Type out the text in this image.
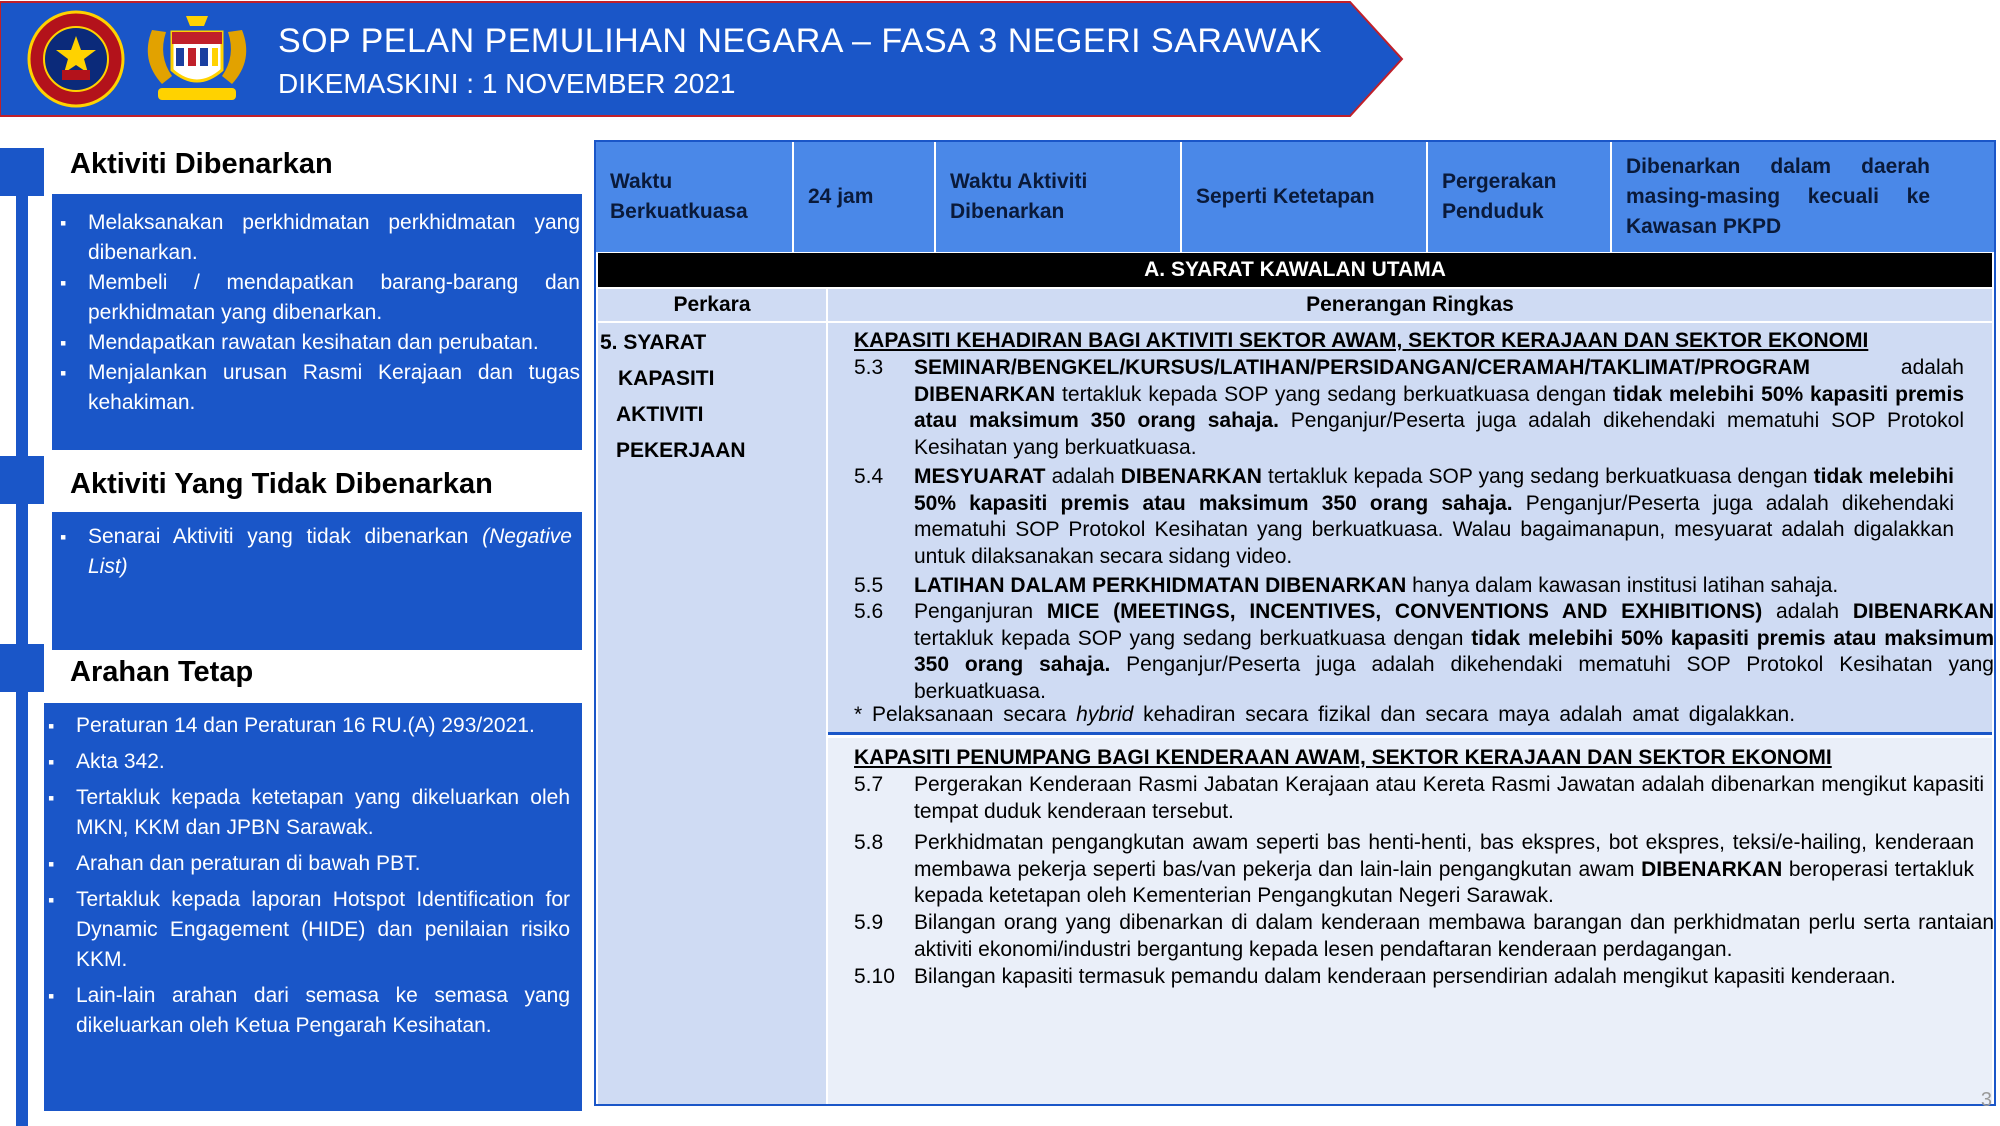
SOP PELAN PEMULIHAN NEGARA – FASA 3 NEGERI SARAWAK
DIKEMASKINI : 1 NOVEMBER 2021
Aktiviti Dibenarkan
▪ Melaksanakan perkhidmatan perkhidmatan yang dibenarkan.
▪ Membeli / mendapatkan barang-barang dan perkhidmatan yang dibenarkan.
▪ Mendapatkan rawatan kesihatan dan perubatan.
▪ Menjalankan urusan Rasmi Kerajaan dan tugas kehakiman.
Aktiviti Yang Tidak Dibenarkan
▪ Senarai Aktiviti yang tidak dibenarkan (Negative List)
Arahan Tetap
▪ Peraturan 14 dan Peraturan 16 RU.(A) 293/2021.
▪ Akta 342.
▪ Tertakluk kepada ketetapan yang dikeluarkan oleh MKN, KKM dan JPBN Sarawak.
▪ Arahan dan peraturan di bawah PBT.
▪ Tertakluk kepada laporan Hotspot Identification for Dynamic Engagement (HIDE) dan penilaian risiko KKM.
▪ Lain-lain arahan dari semasa ke semasa yang dikeluarkan oleh Ketua Pengarah Kesihatan.
Waktu Berkuatkuasa
24 jam
Waktu Aktiviti Dibenarkan
Seperti Ketetapan
Pergerakan Penduduk
Dibenarkan dalam daerah masing-masing kecuali ke Kawasan PKPD
A. SYARAT KAWALAN UTAMA
Perkara	Penerangan Ringkas
5. SYARAT
KAPASITI
AKTIVITI
PEKERJAAN
KAPASITI KEHADIRAN BAGI AKTIVITI SEKTOR AWAM, SEKTOR KERAJAAN DAN SEKTOR EKONOMI
5.3 SEMINAR/BENGKEL/KURSUS/LATIHAN/PERSIDANGAN/CERAMAH/TAKLIMAT/PROGRAM adalah DIBENARKAN tertakluk kepada SOP yang sedang berkuatkuasa dengan tidak melebihi 50% kapasiti premis atau maksimum 350 orang sahaja. Penganjur/Peserta juga adalah dikehendaki mematuhi SOP Protokol Kesihatan yang berkuatkuasa.
5.4 MESYUARAT adalah DIBENARKAN tertakluk kepada SOP yang sedang berkuatkuasa dengan tidak melebihi 50% kapasiti premis atau maksimum 350 orang sahaja. Penganjur/Peserta juga adalah dikehendaki mematuhi SOP Protokol Kesihatan yang berkuatkuasa. Walau bagaimanapun, mesyuarat adalah digalakkan untuk dilaksanakan secara sidang video.
5.5 LATIHAN DALAM PERKHIDMATAN DIBENARKAN hanya dalam kawasan institusi latihan sahaja.
5.6 Penganjuran MICE (MEETINGS, INCENTIVES, CONVENTIONS AND EXHIBITIONS) adalah DIBENARKAN tertakluk kepada SOP yang sedang berkuatkuasa dengan tidak melebihi 50% kapasiti premis atau maksimum 350 orang sahaja. Penganjur/Peserta juga adalah dikehendaki mematuhi SOP Protokol Kesihatan yang berkuatkuasa.
* Pelaksanaan secara hybrid kehadiran secara fizikal dan secara maya adalah amat digalakkan.
KAPASITI PENUMPANG BAGI KENDERAAN AWAM, SEKTOR KERAJAAN DAN SEKTOR EKONOMI
5.7 Pergerakan Kenderaan Rasmi Jabatan Kerajaan atau Kereta Rasmi Jawatan adalah dibenarkan mengikut kapasiti tempat duduk kenderaan tersebut.
5.8 Perkhidmatan pengangkutan awam seperti bas henti-henti, bas ekspres, bot ekspres, teksi/e-hailing, kenderaan membawa pekerja seperti bas/van pekerja dan lain-lain pengangkutan awam DIBENARKAN beroperasi tertakluk kepada ketetapan oleh Kementerian Pengangkutan Negeri Sarawak.
5.9 Bilangan orang yang dibenarkan di dalam kenderaan membawa barangan dan perkhidmatan perlu serta rantaian aktiviti ekonomi/industri bergantung kepada lesen pendaftaran kenderaan perdagangan.
5.10 Bilangan kapasiti termasuk pemandu dalam kenderaan persendirian adalah mengikut kapasiti kenderaan.
3
